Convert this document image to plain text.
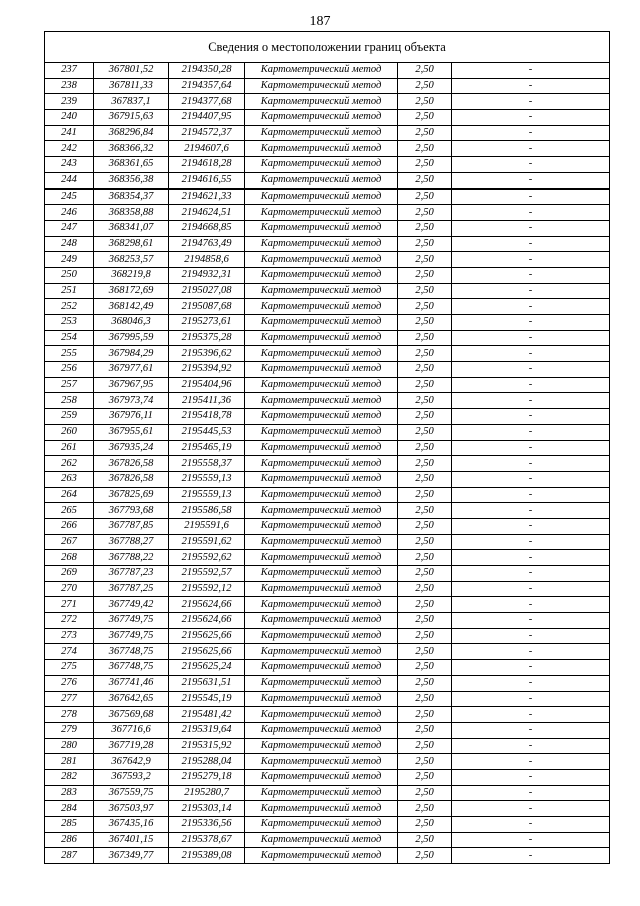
187
Сведения о местоположении границ объекта					
237	367801,52	2194350,28	Картометрический метод	2,50	-
238	367811,33	2194357,64	Картометрический метод	2,50	-
239	367837,1	2194377,68	Картометрический метод	2,50	-
240	367915,63	2194407,95	Картометрический метод	2,50	-
241	368296,84	2194572,37	Картометрический метод	2,50	-
242	368366,32	2194607,6	Картометрический метод	2,50	-
243	368361,65	2194618,28	Картометрический метод	2,50	-
244	368356,38	2194616,55	Картометрический метод	2,50	-
245	368354,37	2194621,33	Картометрический метод	2,50	-
246	368358,88	2194624,51	Картометрический метод	2,50	-
247	368341,07	2194668,85	Картометрический метод	2,50	-
248	368298,61	2194763,49	Картометрический метод	2,50	-
249	368253,57	2194858,6	Картометрический метод	2,50	-
250	368219,8	2194932,31	Картометрический метод	2,50	-
251	368172,69	2195027,08	Картометрический метод	2,50	-
252	368142,49	2195087,68	Картометрический метод	2,50	-
253	368046,3	2195273,61	Картометрический метод	2,50	-
254	367995,59	2195375,28	Картометрический метод	2,50	-
255	367984,29	2195396,62	Картометрический метод	2,50	-
256	367977,61	2195394,92	Картометрический метод	2,50	-
257	367967,95	2195404,96	Картометрический метод	2,50	-
258	367973,74	2195411,36	Картометрический метод	2,50	-
259	367976,11	2195418,78	Картометрический метод	2,50	-
260	367955,61	2195445,53	Картометрический метод	2,50	-
261	367935,24	2195465,19	Картометрический метод	2,50	-
262	367826,58	2195558,37	Картометрический метод	2,50	-
263	367826,58	2195559,13	Картометрический метод	2,50	-
264	367825,69	2195559,13	Картометрический метод	2,50	-
265	367793,68	2195586,58	Картометрический метод	2,50	-
266	367787,85	2195591,6	Картометрический метод	2,50	-
267	367788,27	2195591,62	Картометрический метод	2,50	-
268	367788,22	2195592,62	Картометрический метод	2,50	-
269	367787,23	2195592,57	Картометрический метод	2,50	-
270	367787,25	2195592,12	Картометрический метод	2,50	-
271	367749,42	2195624,66	Картометрический метод	2,50	-
272	367749,75	2195624,66	Картометрический метод	2,50	-
273	367749,75	2195625,66	Картометрический метод	2,50	-
274	367748,75	2195625,66	Картометрический метод	2,50	-
275	367748,75	2195625,24	Картометрический метод	2,50	-
276	367741,46	2195631,51	Картометрический метод	2,50	-
277	367642,65	2195545,19	Картометрический метод	2,50	-
278	367569,68	2195481,42	Картометрический метод	2,50	-
279	367716,6	2195319,64	Картометрический метод	2,50	-
280	367719,28	2195315,92	Картометрический метод	2,50	-
281	367642,9	2195288,04	Картометрический метод	2,50	-
282	367593,2	2195279,18	Картометрический метод	2,50	-
283	367559,75	2195280,7	Картометрический метод	2,50	-
284	367503,97	2195303,14	Картометрический метод	2,50	-
285	367435,16	2195336,56	Картометрический метод	2,50	-
286	367401,15	2195378,67	Картометрический метод	2,50	-
287	367349,77	2195389,08	Картометрический метод	2,50	-
